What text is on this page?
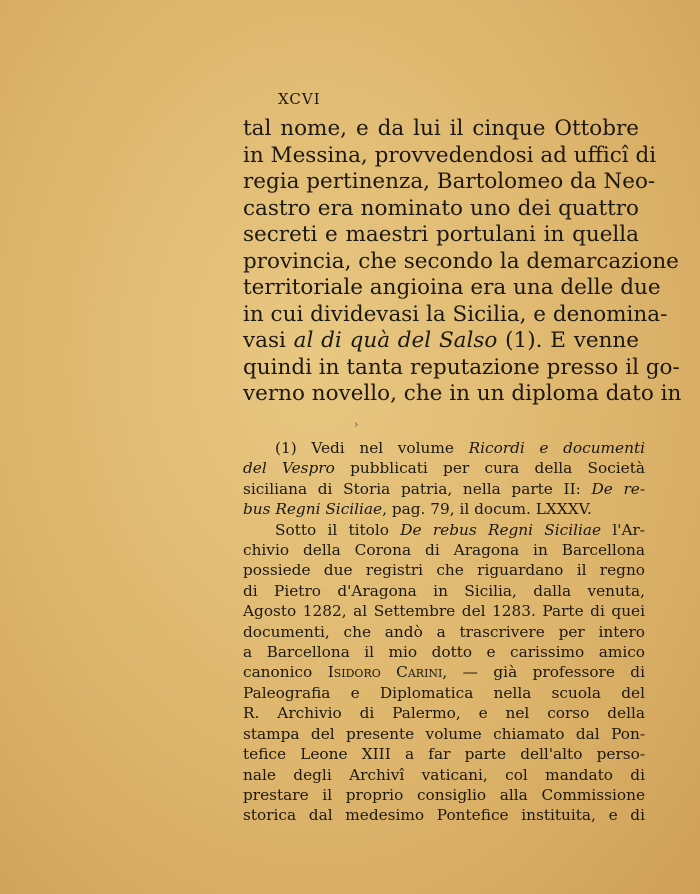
XCVI
tal nome, e da lui il cinque Ottobre
in Messina, provvedendosi ad ufficî di
regia pertinenza, Bartolomeo da Neo-
castro era nominato uno dei quattro
secreti e maestri portulani in quella
provincia, che secondo la demarcazione
territoriale angioina era una delle due
in cui dividevasi la Sicilia, e denomina-
vasi al di quà del Salso (1). E venne
quindi in tanta reputazione presso il go-
verno novello, che in un diploma dato in
›
(1) Vedi nel volume Ricordi e documenti
del Vespro pubblicati per cura della Società
siciliana di Storia patria, nella parte II: De re-
bus Regni Siciliae, pag. 79, il docum. LXXXV.
Sotto il titolo De rebus Regni Siciliae l'Ar-
chivio della Corona di Aragona in Barcellona
possiede due registri che riguardano il regno
di Pietro d'Aragona in Sicilia, dalla venuta,
Agosto 1282, al Settembre del 1283. Parte di quei
documenti, che andò a trascrivere per intero
a Barcellona il mio dotto e carissimo amico
canonico Isidoro Carini, — già professore di
Paleografia e Diplomatica nella scuola del
R. Archivio di Palermo, e nel corso della
stampa del presente volume chiamato dal Pon-
tefice Leone XIII a far parte dell'alto perso-
nale degli Archivî vaticani, col mandato di
prestare il proprio consiglio alla Commissione
storica dal medesimo Pontefice instituita, e di
